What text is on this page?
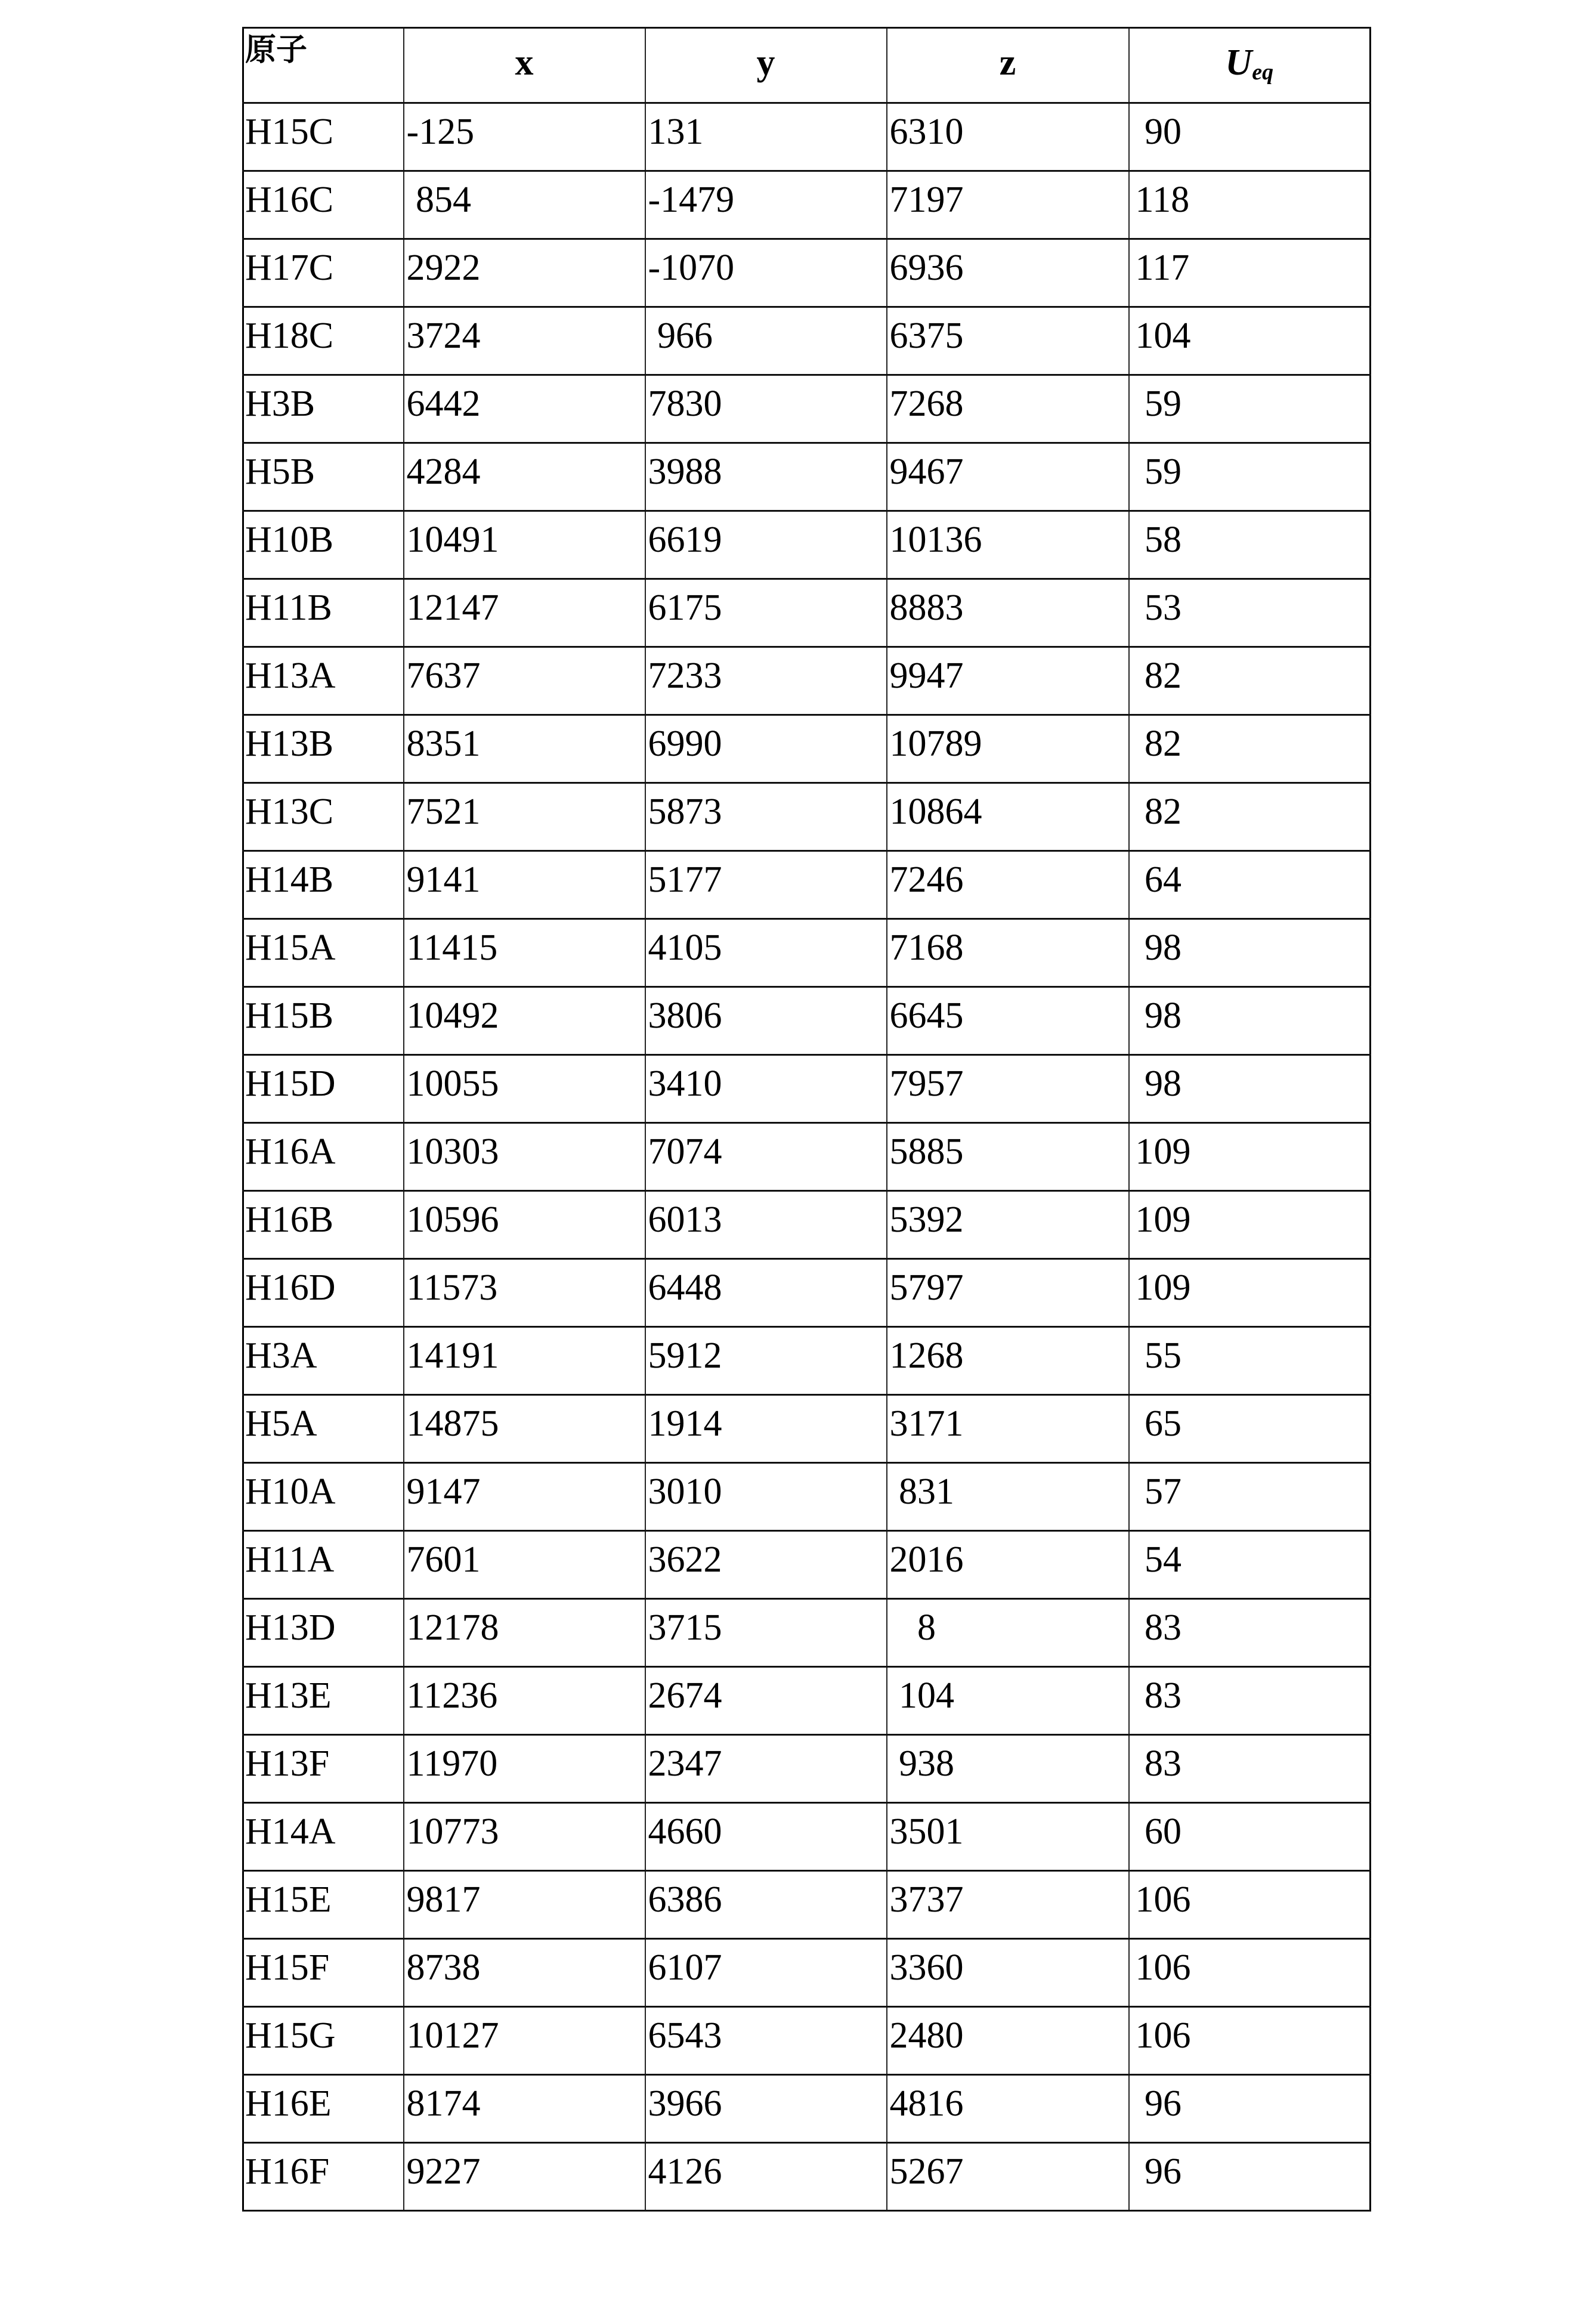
原子	x	y	z	$U_{eq}$
H15C	-125	131	6310	90
H16C	854	-1479	7197	118
H17C	2922	-1070	6936	117
H18C	3724	966	6375	104
H3B	6442	7830	7268	59
H5B	4284	3988	9467	59
H10B	10491	6619	10136	58
H11B	12147	6175	8883	53
H13A	7637	7233	9947	82
H13B	8351	6990	10789	82
H13C	7521	5873	10864	82
H14B	9141	5177	7246	64
H15A	11415	4105	7168	98
H15B	10492	3806	6645	98
H15D	10055	3410	7957	98
H16A	10303	7074	5885	109
H16B	10596	6013	5392	109
H16D	11573	6448	5797	109
H3A	14191	5912	1268	55
H5A	14875	1914	3171	65
H10A	9147	3010	831	57
H11A	7601	3622	2016	54
H13D	12178	3715	8	83
H13E	11236	2674	104	83
H13F	11970	2347	938	83
H14A	10773	4660	3501	60
H15E	9817	6386	3737	106
H15F	8738	6107	3360	106
H15G	10127	6543	2480	106
H16E	8174	3966	4816	96
H16F	9227	4126	5267	96
